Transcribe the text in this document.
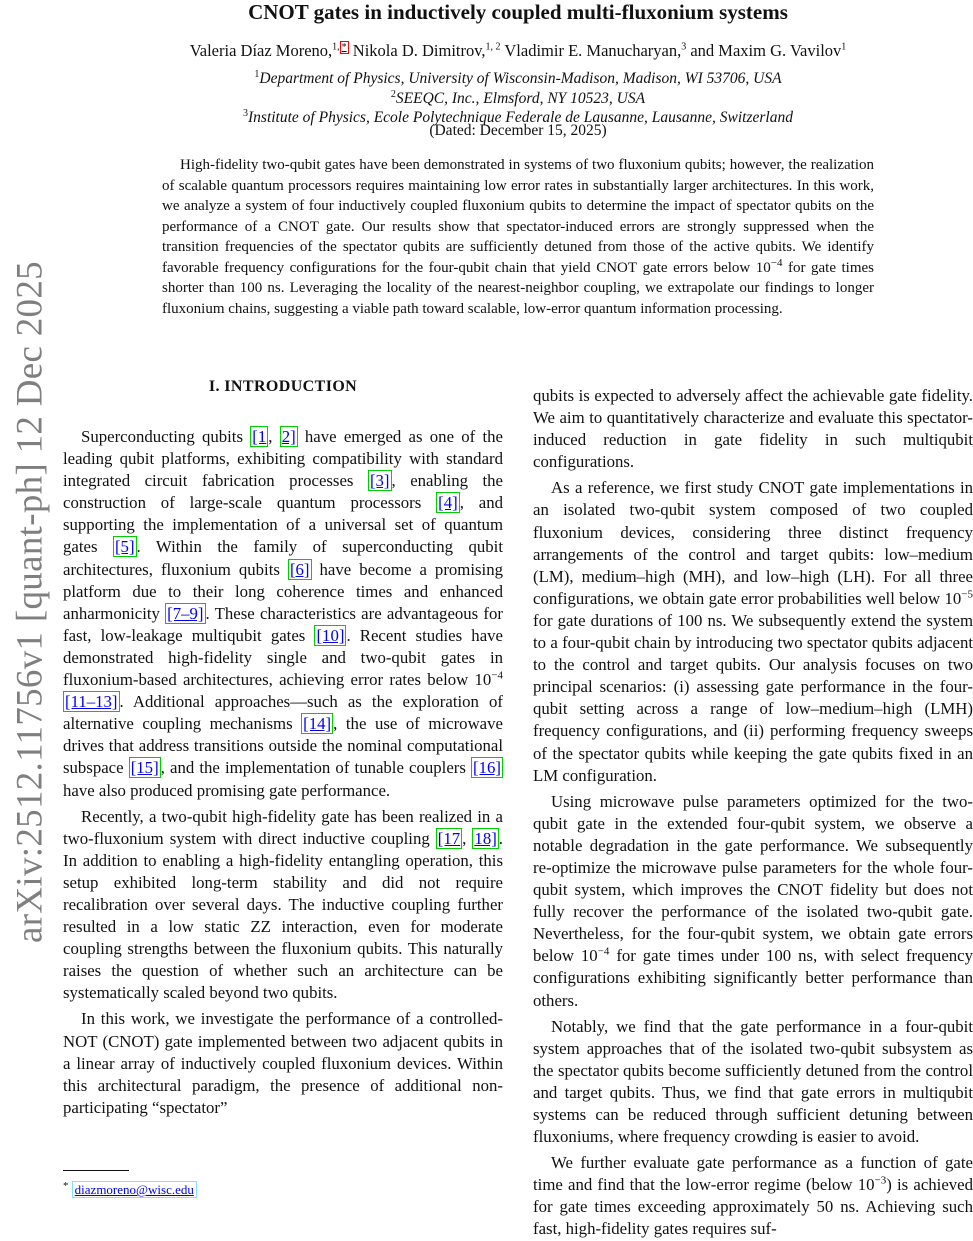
arXiv:2512.11756v1 [quant-ph] 12 Dec 2025
CNOT gates in inductively coupled multi-fluxonium systems
Valeria Díaz Moreno,$^{1, *}$ Nikola D. Dimitrov,$^{1, 2}$ Vladimir E. Manucharyan,$^3$ and Maxim G. Vavilov$^1$
$^1$Department of Physics, University of Wisconsin-Madison, Madison, WI 53706, USA
$^2$SEEQC, Inc., Elmsford, NY 10523, USA
$^3$Institute of Physics, Ecole Polytechnique Federale de Lausanne, Lausanne, Switzerland
(Dated: December 15, 2025)

High-fidelity two-qubit gates have been demonstrated in systems of two fluxonium qubits; however, the realization of scalable quantum processors requires maintaining low error rates in substantially larger architectures. In this work, we analyze a system of four inductively coupled fluxonium qubits to determine the impact of spectator qubits on the performance of a CNOT gate. Our results show that spectator-induced errors are strongly suppressed when the transition frequencies of the spectator qubits are sufficiently detuned from those of the active qubits. We identify favorable frequency configurations for the four-qubit chain that yield CNOT gate errors below $10^{-4}$ for gate times shorter than 100 ns. Leveraging the locality of the nearest-neighbor coupling, we extrapolate our findings to longer fluxonium chains, suggesting a viable path toward scalable, low-error quantum information processing.

I. INTRODUCTION

Superconducting qubits [1 , 2] have emerged as one of the leading qubit platforms, exhibiting compatibility with standard integrated circuit fabrication processes [3] , enabling the construction of large-scale quantum processors [4] , and supporting the implementation of a universal set of quantum gates [5] . Within the family of superconducting qubit architectures, fluxonium qubits [6] have become a promising platform due to their long coherence times and enhanced anharmonicity [7–9] . These characteristics are advantageous for fast, low-leakage multiqubit gates [10] . Recent studies have demonstrated high-fidelity single and two-qubit gates in fluxonium-based architectures, achieving error rates below $10^{-4}$ [11–13] . Additional approaches—such as the exploration of alternative coupling mechanisms [14] , the use of microwave drives that address transitions outside the nominal computational subspace [15] , and the implementation of tunable couplers [16] have also produced promising gate performance.

Recently, a two-qubit high-fidelity gate has been realized in a two-fluxonium system with direct inductive coupling [17 , 18] . In addition to enabling a high-fidelity entangling operation, this setup exhibited long-term stability and did not require recalibration over several days. The inductive coupling further resulted in a low static ZZ interaction, even for moderate coupling strengths between the fluxonium qubits. This naturally raises the question of whether such an architecture can be systematically scaled beyond two qubits.

In this work, we investigate the performance of a controlled-NOT (CNOT) gate implemented between two adjacent qubits in a linear array of inductively coupled fluxonium devices. Within this architectural paradigm, the presence of additional non-participating “spectator”

qubits is expected to adversely affect the achievable gate fidelity. We aim to quantitatively characterize and evaluate this spectator-induced reduction in gate fidelity in such multiqubit configurations.

As a reference, we first study CNOT gate implementations in an isolated two-qubit system composed of two coupled fluxonium devices, considering three distinct frequency arrangements of the control and target qubits: low–medium (LM), medium–high (MH), and low–high (LH). For all three configurations, we obtain gate error probabilities well below $10^{-5}$ for gate durations of 100 ns. We subsequently extend the system to a four-qubit chain by introducing two spectator qubits adjacent to the control and target qubits. Our analysis focuses on two principal scenarios: (i) assessing gate performance in the four-qubit setting across a range of low–medium–high (LMH) frequency configurations, and (ii) performing frequency sweeps of the spectator qubits while keeping the gate qubits fixed in an LM configuration.

Using microwave pulse parameters optimized for the two-qubit gate in the extended four-qubit system, we observe a notable degradation in the gate performance. We subsequently re-optimize the microwave pulse parameters for the whole four-qubit system, which improves the CNOT fidelity but does not fully recover the performance of the isolated two-qubit gate. Nevertheless, for the four-qubit system, we obtain gate errors below $10^{-4}$ for gate times under 100 ns, with select frequency configurations exhibiting significantly better performance than others.

Notably, we find that the gate performance in a four-qubit system approaches that of the isolated two-qubit subsystem as the spectator qubits become sufficiently detuned from the control and target qubits. Thus, we find that gate errors in multiqubit systems can be reduced through sufficient detuning between fluxoniums, where frequency crowding is easier to avoid.

We further evaluate gate performance as a function of gate time and find that the low-error regime (below $10^{-3}$) is achieved for gate times exceeding approximately 50 ns. Achieving such fast, high-fidelity gates requires suf-

* diazmoreno@wisc.edu
